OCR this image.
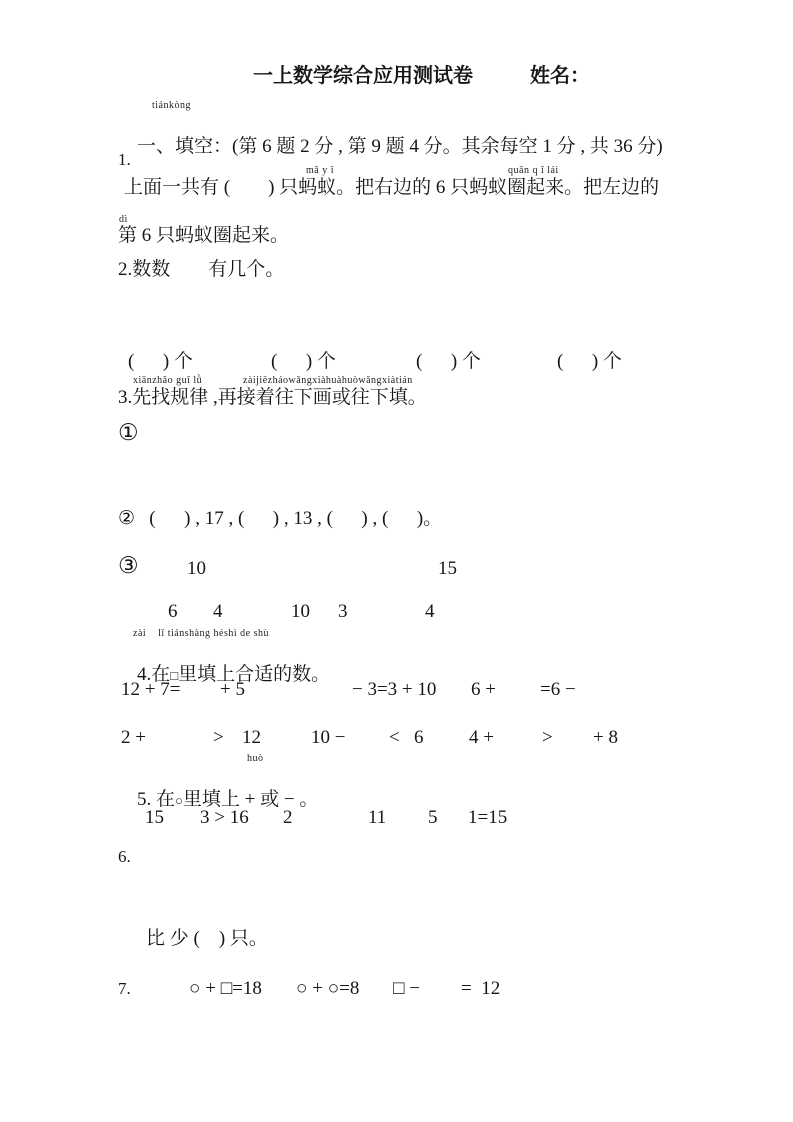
一上数学综合应用测试卷	姓名：
tiánkòng

一、填空：(第 6 题 2 分 , 第 9 题 4 分。其余每空 1 分 , 共 36 分)

1.
mǎ y ǐ	quān q ǐ lái
上面一共有 (        ) 只蚂蚁。把右边的 6 只蚂蚁圈起来。把左边的
dì
第 6 只蚂蚁圈起来。
2.数数        有几个。
(      ) 个	(      ) 个	(      ) 个	(      ) 个
xiānzhǎo guī lǜ	zàijiēzháowǎngxiàhuàhuòwǎngxiàtián
3.先找规律 ,再接着往下画或往下填。
①
②   (      ) , 17 , (      ) , 13 , (      ) , (      )。
③	10	15
6 4	10 3	4
zài    lǐ tiánshàng héshì de shù

4.在□里填上合适的数。

12 + 7= + 5	− 3=3 + 10 6 + =6 −
2 +	> 12	10 − < 6 4 +	> + 8
huò

5. 在○里填上 + 或 − 。

15 3 > 16 2	11 5 1=15
6.
比 少 (    ) 只。
7.	○ + □=18 ○ + ○=8 □ − =  12
